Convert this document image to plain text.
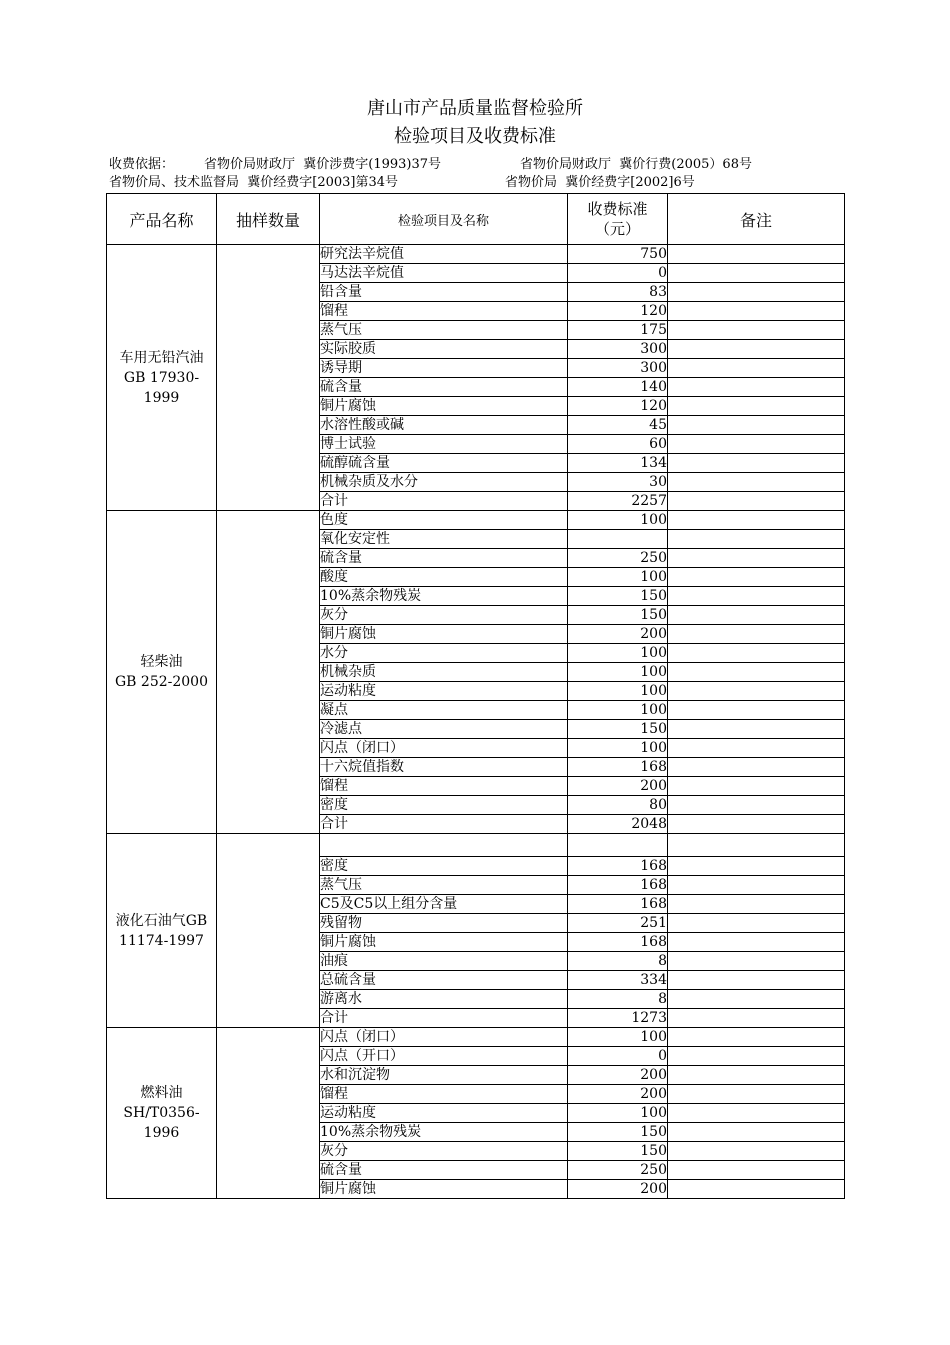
唐山市产品质量监督检验所
检验项目及收费标准
收费依据： 省物价局财政厅  冀价涉费字(1993)37号	省物价局财政厅  冀价行费(2005）68号
省物价局、技术监督局  冀价经费字[2003]第34号	省物价局  冀价经费字[2002]6号
产品名称	抽样数量	检验项目及名称	收费标准
（元）	备注

车用无铅汽油
GB 17930-1999		研究法辛烷值	750	
		马达法辛烷值	0	
		铅含量	83	
		馏程	120	
		蒸气压	175	
		实际胶质	300	
		诱导期	300	
		硫含量	140	
		铜片腐蚀	120	
		水溶性酸或碱	45	
		博士试验	60	
		硫醇硫含量	134	
		机械杂质及水分	30	
		合计	2257	

轻柴油
GB 252-2000		色度	100	
		氧化安定性		
		硫含量	250	
		酸度	100	
		10%蒸余物残炭	150	
		灰分	150	
		铜片腐蚀	200	
		水分	100	
		机械杂质	100	
		运动粘度	100	
		凝点	100	
		冷滤点	150	
		闪点（闭口）	100	
		十六烷值指数	168	
		馏程	200	
		密度	80	
		合计	2048	

液化石油气GB
11174-1997				

		密度	168	
		蒸气压	168	
		C5及C5以上组分含量	168	
		残留物	251	
		铜片腐蚀	168	
		油痕	8	
		总硫含量	334	
		游离水	8	
		合计	1273	

燃料油
SH/T0356-1996		闪点（闭口）	100	
		闪点（开口）	0	
		水和沉淀物	200	
		馏程	200	
		运动粘度	100	
		10%蒸余物残炭	150	
		灰分	150	
		硫含量	250	
		铜片腐蚀	200	
